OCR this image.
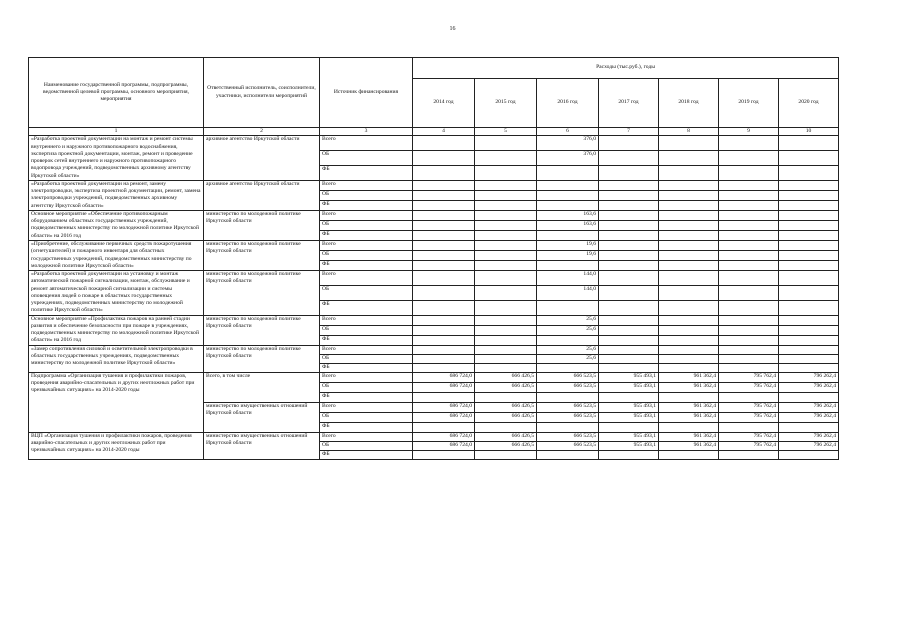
16
Наименование государственной программы, подпрограммы, ведомственной целевой программы, основного мероприятия, мероприятия	Ответственный исполнитель, соисполнители, участники, исполнители мероприятий	Источник финансирования	Расходы (тыс.руб.), годы						
			2014 год	2015 год	2016 год	2017 год	2018 год	2019 год	2020 год
1	2	3	4	5	6	7	8	9	10
«Разработка проектной документации на монтаж и ремонт системы внутреннего и наружного противопожарного водоснабжения, экспертиза проектной документации, монтаж, ремонт и проведение проверок сетей внутреннего и наружного противопожарного водопровода учреждений, подведомственных архивному агентству Иркутской области»	архивное агентство Иркутской области	Всего			376,0				
		ОБ			376,0				
		ФБ							
«Разработка проектной документации на ремонт, замену электропроводки, экспертиза проектной документации, ремонт, замена электропроводки учреждений, подведомственных архивному агентству Иркутской области»	архивное агентство Иркутской области	Всего							
		ОБ							
		ФБ							
Основное мероприятие «Обеспечение противопожарным оборудованием областных государственных учреждений, подведомственных министерству по молодежной политике Иркутской области» на 2016 год	министерство по молодежной политике Иркутской области	Всего			163,6				
		ОБ			163,6				
		ФБ							
«Приобретение, обслуживание первичных средств пожаротушения (огнетушителей) и пожарного инвентаря для областных государственных учреждений, подведомственных министерству по молодежной политике Иркутской области»	министерство по молодежной политике Иркутской области	Всего			19,6				
		ОБ			19,6				
		ФБ							
«Разработка проектной документации на установку и монтаж автоматической пожарной сигнализации, монтаж, обслуживание и ремонт автоматической пожарной сигнализации и системы оповещения людей о пожаре в областных государственных учреждениях, подведомственных министерству по молодежной политике Иркутской области»	министерство по молодежной политике Иркутской области	Всего			144,0				
		ОБ			144,0				
		ФБ							
Основное мероприятие «Профилактика пожаров на ранней стадии развития и обеспечение безопасности при пожаре в учреждениях, подведомственных министерству по молодежной политике Иркутской области» на 2016 год	министерство по молодежной политике Иркутской области	Всего			25,6				
		ОБ			25,6				
		ФБ							
«Замер сопротивления силовой и осветительной электропроводки в областных государственных учреждениях, подведомственных министерству по молодежной политике Иркутской области»	министерство по молодежной политике Иркутской области	Всего			25,6				
		ОБ			25,6				
		ФБ							
Подпрограмма «Организация тушения и профилактики пожаров, проведения аварийно-спасательных и других неотложных работ при чрезвычайных ситуациях» на 2014-2020 годы	Всего, в том числе	Всего	686 724,0	666 426,5	666 523,5	955 493,1	961 362,4	795 762,4	796 262,4
		ОБ	686 724,0	666 426,5	666 523,5	955 493,1	961 362,4	795 762,4	796 262,4
		ФБ							
	министерство имущественных отношений Иркутской области	Всего	686 724,0	666 426,5	666 523,5	955 493,1	961 362,4	795 762,4	796 262,4
		ОБ	686 724,0	666 426,5	666 523,5	955 493,1	961 362,4	795 762,4	796 262,4
		ФБ							
ВЦП «Организация тушения и профилактики пожаров, проведения аварийно-спасательных и других неотложных работ при чрезвычайных ситуациях» на 2014-2020 годы	министерство имущественных отношений Иркутской области	Всего	686 724,0	666 426,5	666 523,5	955 493,1	961 362,4	795 762,4	796 262,4
		ОБ	686 724,0	666 426,5	666 523,5	955 493,1	961 362,4	795 762,4	796 262,4
		ФБ							
